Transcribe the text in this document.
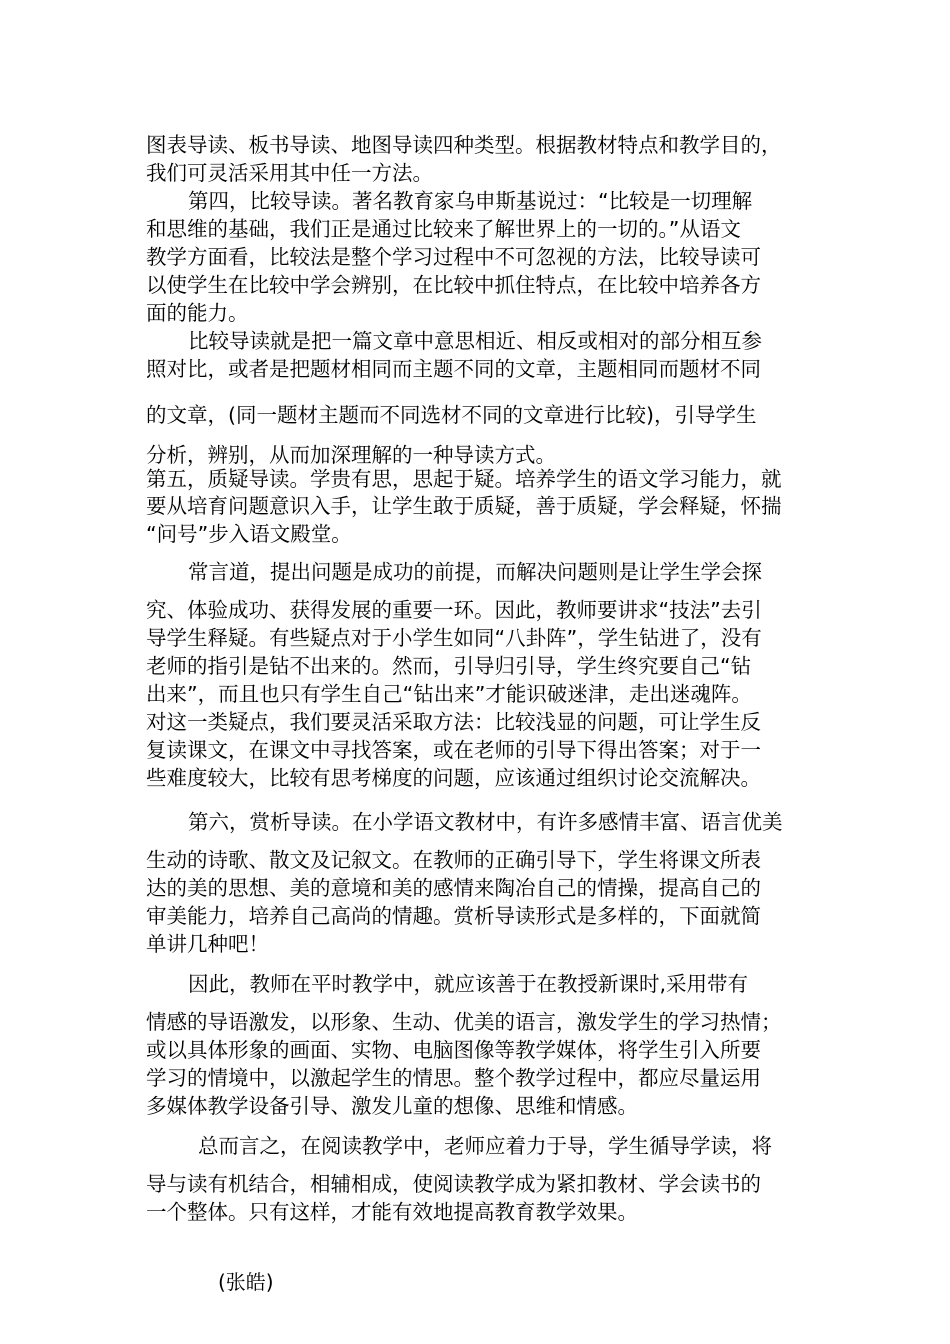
图表导读、板书导读、地图导读四种类型。根据教材特点和教学目的，

我们可灵活采用其中任一方法。

第四，比较导读。著名教育家乌申斯基说过：“比较是一切理解

和思维的基础，我们正是通过比较来了解世界上的一切的。”从语文

教学方面看，比较法是整个学习过程中不可忽视的方法，比较导读可

以使学生在比较中学会辨别，在比较中抓住特点，在比较中培养各方

面的能力。

比较导读就是把一篇文章中意思相近、相反或相对的部分相互参

照对比，或者是把题材相同而主题不同的文章，主题相同而题材不同

的文章，(同一题材主题而不同选材不同的文章进行比较)，引导学生

分析，辨别，从而加深理解的一种导读方式。

第五，质疑导读。学贵有思，思起于疑。培养学生的语文学习能力，就

要从培育问题意识入手，让学生敢于质疑，善于质疑，学会释疑，怀揣

“问号”步入语文殿堂。

常言道，提出问题是成功的前提，而解决问题则是让学生学会探

究、体验成功、获得发展的重要一环。因此，教师要讲求“技法”去引

导学生释疑。有些疑点对于小学生如同“八卦阵”，学生钻进了，没有

老师的指引是钻不出来的。然而，引导归引导，学生终究要自己“钻

出来”，而且也只有学生自己“钻出来”才能识破迷津，走出迷魂阵。

对这一类疑点，我们要灵活采取方法：比较浅显的问题，可让学生反

复读课文，在课文中寻找答案，或在老师的引导下得出答案；对于一

些难度较大，比较有思考梯度的问题，应该通过组织讨论交流解决。

第六，赏析导读。在小学语文教材中，有许多感情丰富、语言优美

生动的诗歌、散文及记叙文。在教师的正确引导下，学生将课文所表

达的美的思想、美的意境和美的感情来陶冶自己的情操，提高自己的

审美能力，培养自己高尚的情趣。赏析导读形式是多样的，下面就简

单讲几种吧！

因此，教师在平时教学中，就应该善于在教授新课时,采用带有

情感的导语激发，以形象、生动、优美的语言，激发学生的学习热情；

或以具体形象的画面、实物、电脑图像等教学媒体，将学生引入所要

学习的情境中，以激起学生的情思。整个教学过程中，都应尽量运用

多媒体教学设备引导、激发儿童的想像、思维和情感。

总而言之，在阅读教学中，老师应着力于导，学生循导学读，将

导与读有机结合，相辅相成，使阅读教学成为紧扣教材、学会读书的

一个整体。只有这样，才能有效地提高教育教学效果。

(张皓)
